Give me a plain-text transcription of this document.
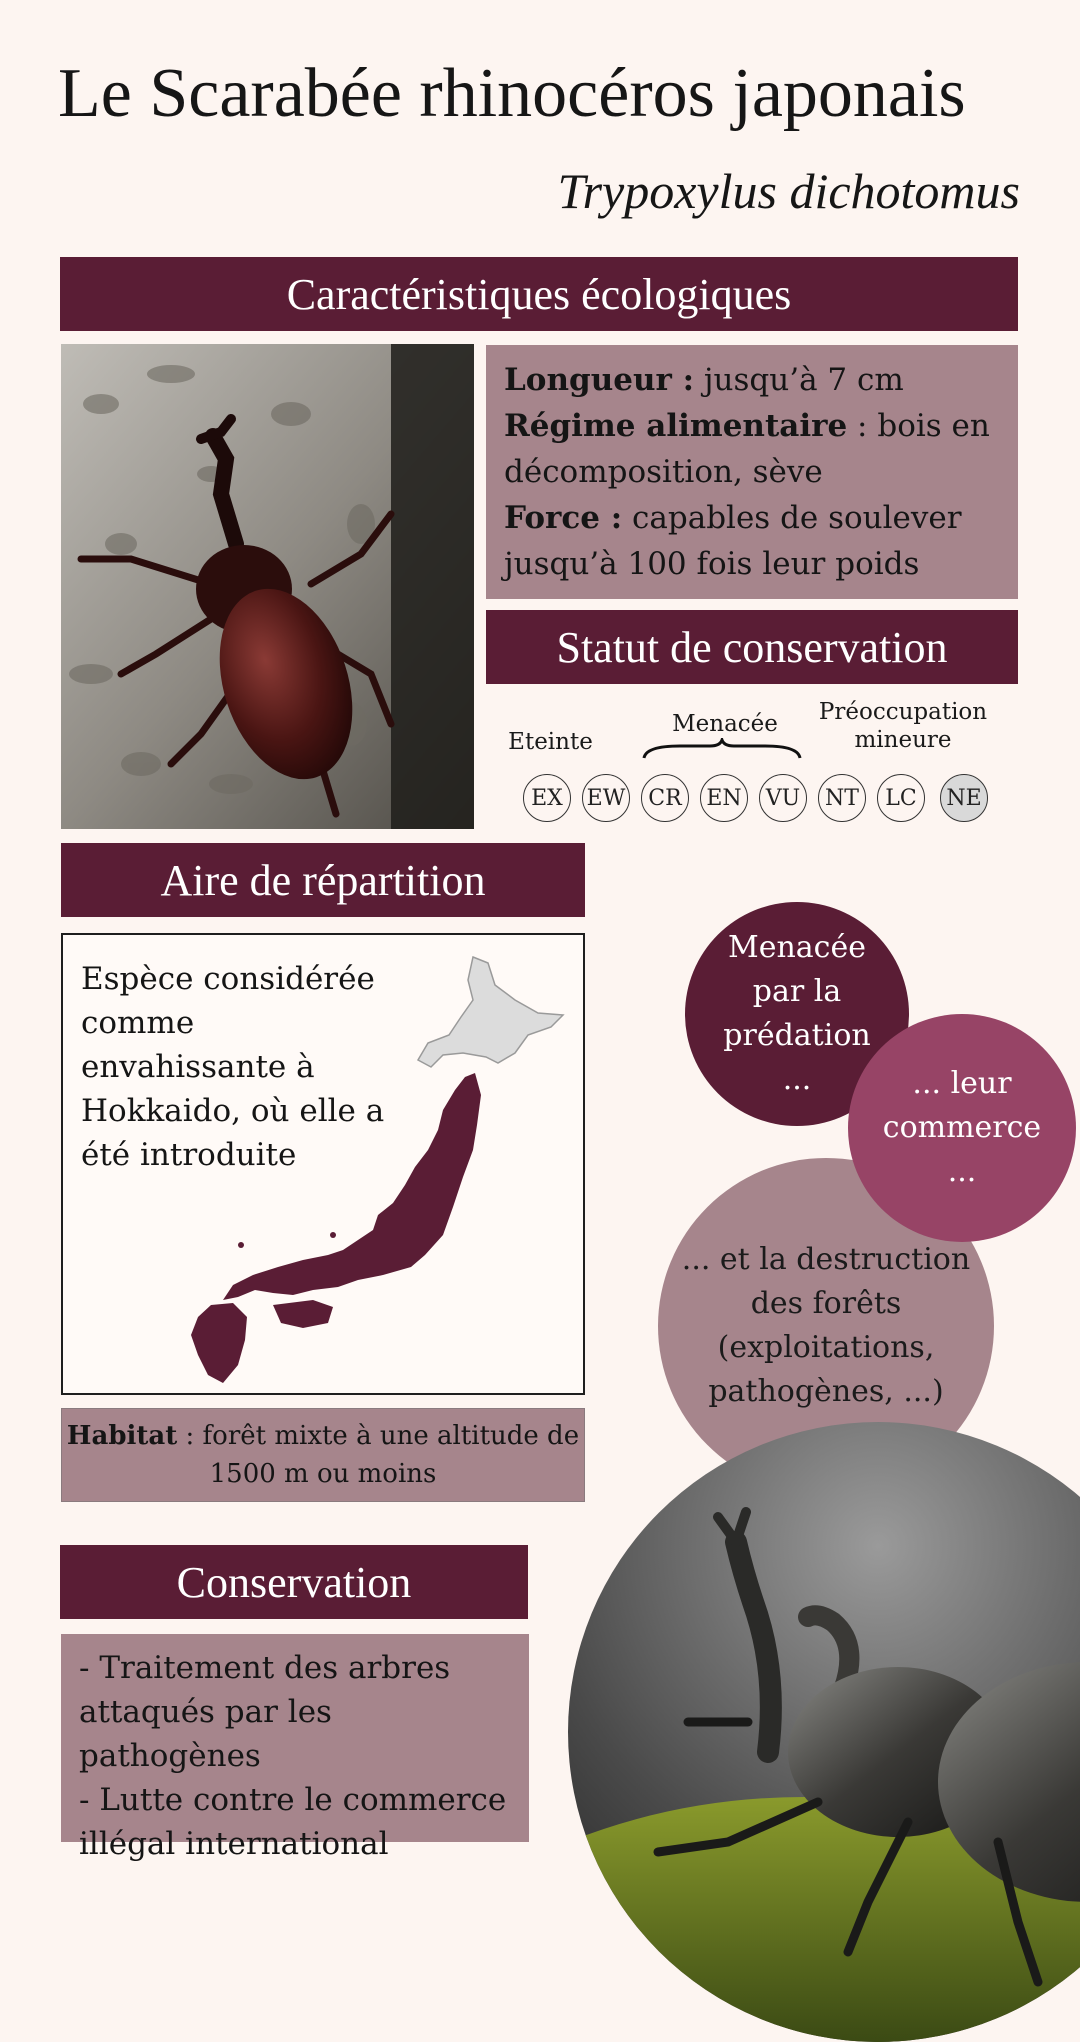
Le Scarabée rhinocéros japonais
Trypoxylus dichotomus
Caractéristiques écologiques

Longueur : jusqu’à 7 cm

Régime alimentaire : bois en décomposition, sève

Force : capables de soulever jusqu’à 100 fois leur poids

Statut de conservation
Eteinte
Menacée	Préoccupation mineure
EX	EW	CR	EN	VU	NT	LC	NE
Aire de répartition
Espèce considérée comme envahissante à Hokkaido, où elle a été introduite
Habitat : forêt mixte à une altitude de 1500 m ou moins
Conservation
- Traitement des arbres attaqués par les pathogènes
- Lutte contre le commerce illégal international
... et la destruction des forêts (exploitations, pathogènes, ...)
Menacée par la prédation ...	... leur commerce ...
